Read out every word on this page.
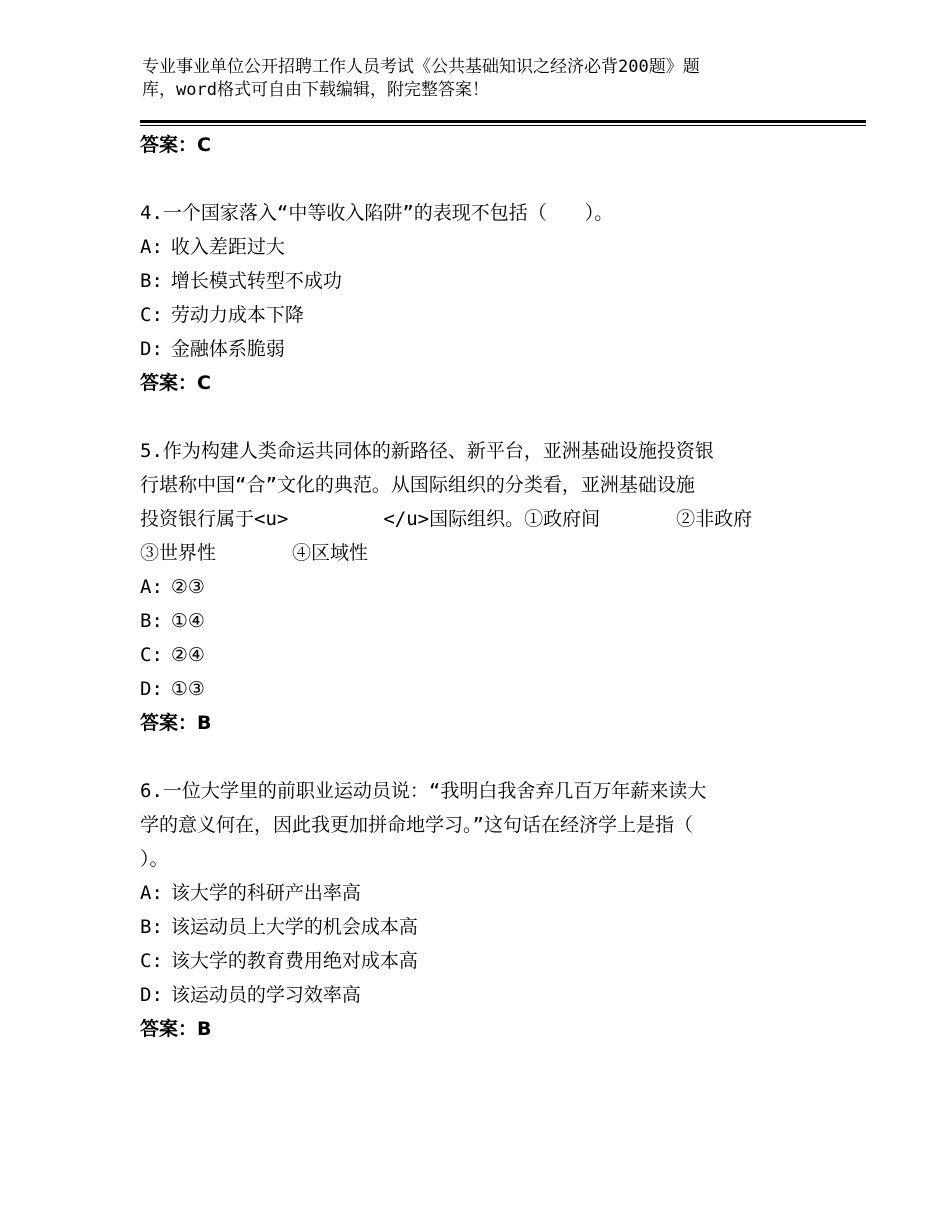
专业事业单位公开招聘工作人员考试《公共基础知识之经济必背200题》题
库，word格式可自由下载编辑，附完整答案！
答案：C
4.一个国家落入“中等收入陷阱”的表现不包括（　　）。
A: 收入差距过大
B: 增长模式转型不成功
C: 劳动力成本下降
D: 金融体系脆弱
答案：C
5.作为构建人类命运共同体的新路径、新平台，亚洲基础设施投资银
行堪称中国“合”文化的典范。从国际组织的分类看，亚洲基础设施
投资银行属于<u>　　　　　</u>国际组织。①政府间　　　　②非政府
③世界性　　　　④区域性
A: ②③
B: ①④
C: ②④
D: ①③
答案：B
6.一位大学里的前职业运动员说：“我明白我舍弃几百万年薪来读大
学的意义何在，因此我更加拼命地学习。”这句话在经济学上是指（
）。
A: 该大学的科研产出率高
B: 该运动员上大学的机会成本高
C: 该大学的教育费用绝对成本高
D: 该运动员的学习效率高
答案：B
